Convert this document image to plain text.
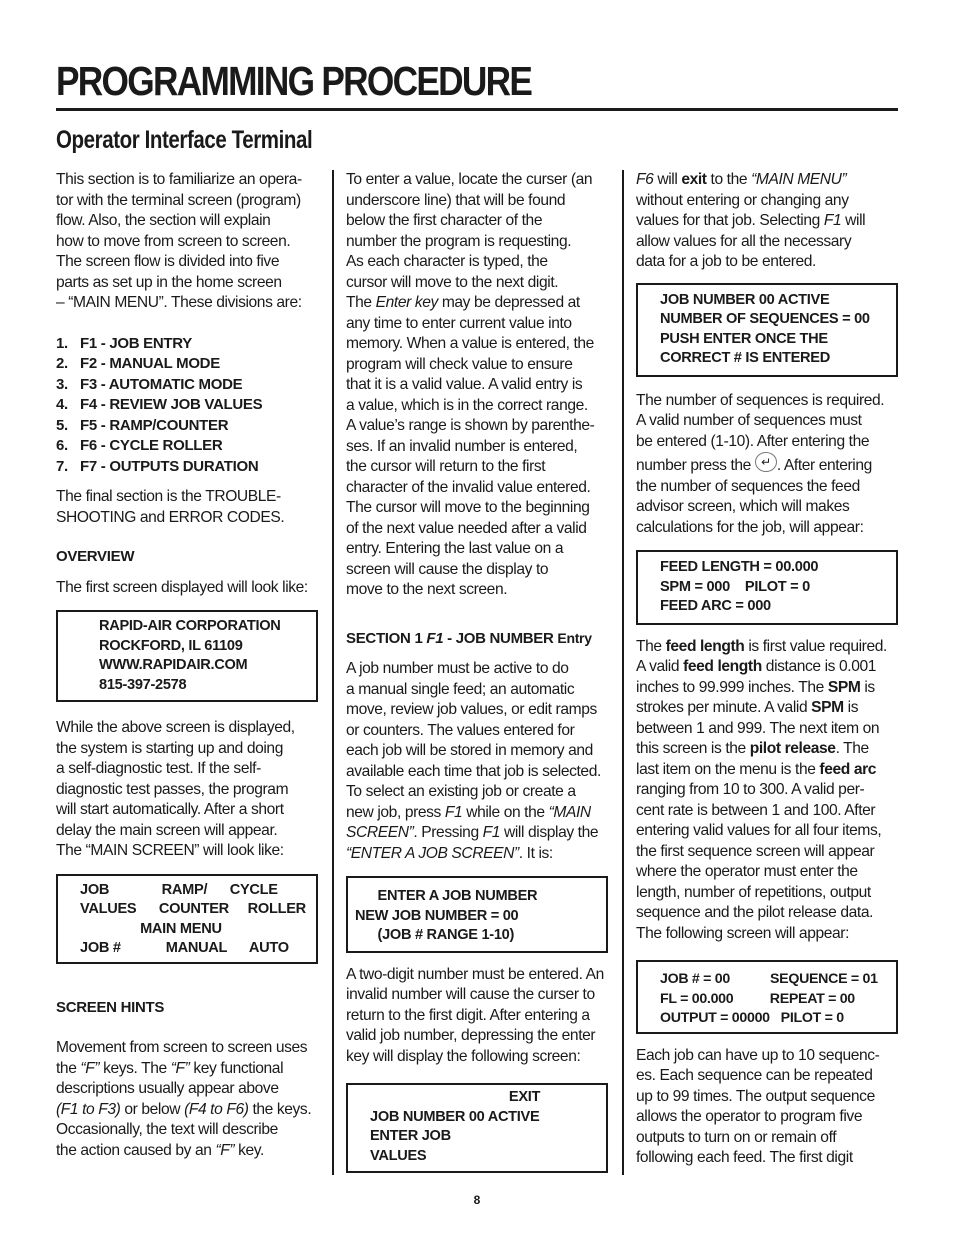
PROGRAMMING PROCEDURE
Operator Interface Terminal

This section is to familiarize an opera-
tor with the terminal screen (program)
flow. Also, the section will explain
how to move from screen to screen.
The screen flow is divided into five
parts as set up in the home screen
– “MAIN MENU”. These divisions are:

1. F1 - JOB ENTRY
2. F2 - MANUAL MODE
3. F3 - AUTOMATIC MODE
4. F4 - REVIEW JOB VALUES
5. F5 - RAMP/COUNTER
6. F6 - CYCLE ROLLER
7. F7 - OUTPUTS DURATION

The final section is the TROUBLE-
SHOOTING and ERROR CODES.

OVERVIEW

The first screen displayed will look like:

RAPID-AIR CORPORATION
ROCKFORD, IL 61109
WWW.RAPIDAIR.COM
815-397-2578

While the above screen is displayed,
the system is starting up and doing
a self-diagnostic test. If the self-
diagnostic test passes, the program
will start automatically. After a short
delay the main screen will appear.
The “MAIN SCREEN” will look like:

JOB              RAMP/      CYCLE
VALUES      COUNTER     ROLLER
MAIN MENU
JOB #            MANUAL      AUTO
SCREEN HINTS

Movement from screen to screen uses
the “F” keys. The “F” key functional
descriptions usually appear above
(F1 to F3) or below (F4 to F6) the keys.
Occasionally, the text will describe
the action caused by an “F” key.

To enter a value, locate the curser (an
underscore line) that will be found
below the first character of the
number the program is requesting.
As each character is typed, the
cursor will move to the next digit.
The Enter key may be depressed at
any time to enter current value into
memory. When a value is entered, the
program will check value to ensure
that it is a valid value. A valid entry is
a value, which is in the correct range.
A value’s range is shown by parenthe-
ses. If an invalid number is entered,
the cursor will return to the first
character of the invalid value entered.
The cursor will move to the beginning
of the next value needed after a valid
entry. Entering the last value on a
screen will cause the display to
move to the next screen.

SECTION 1 F1 - JOB NUMBER Entry

A job number must be active to do
a manual single feed; an automatic
move, review job values, or edit ramps
or counters. The values entered for
each job will be stored in memory and
available each time that job is selected.
To select an existing job or create a
new job, press F1 while on the “MAIN
SCREEN”. Pressing F1 will display the
“ENTER A JOB SCREEN”. It is:

ENTER A JOB NUMBER
NEW JOB NUMBER = 00
(JOB # RANGE 1-10)

A two-digit number must be entered. An
invalid number will cause the curser to
return to the first digit. After entering a
valid job number, depressing the enter
key will display the following screen:

EXIT
JOB NUMBER 00 ACTIVE
ENTER JOB
VALUES

F6 will exit to the “MAIN MENU”
without entering or changing any
values for that job. Selecting F1 will
allow values for all the necessary
data for a job to be entered.

JOB NUMBER 00 ACTIVE
NUMBER OF SEQUENCES = 00
PUSH ENTER ONCE THE
CORRECT # IS ENTERED

The number of sequences is required.
A valid number of sequences must
be entered (1-10). After entering the
number press the ↵ . After entering
the number of sequences the feed
advisor screen, which will makes
calculations for the job, will appear:

FEED LENGTH = 00.000
SPM = 000    PILOT = 0
FEED ARC = 000

The feed length is first value required.
A valid feed length distance is 0.001
inches to 99.999 inches. The SPM is
strokes per minute. A valid SPM is
between 1 and 999. The next item on
this screen is the pilot release. The
last item on the menu is the feed arc
ranging from 10 to 300. A valid per-
cent rate is between 1 and 100. After
entering valid values for all four items,
the first sequence screen will appear
where the operator must enter the
length, number of repetitions, output
sequence and the pilot release data.
The following screen will appear:

JOB # = 00           SEQUENCE = 01
FL = 00.000          REPEAT = 00
OUTPUT = 00000   PILOT = 0

Each job can have up to 10 sequenc-
es. Each sequence can be repeated
up to 99 times. The output sequence
allows the operator to program five
outputs to turn on or remain off
following each feed. The first digit

8
